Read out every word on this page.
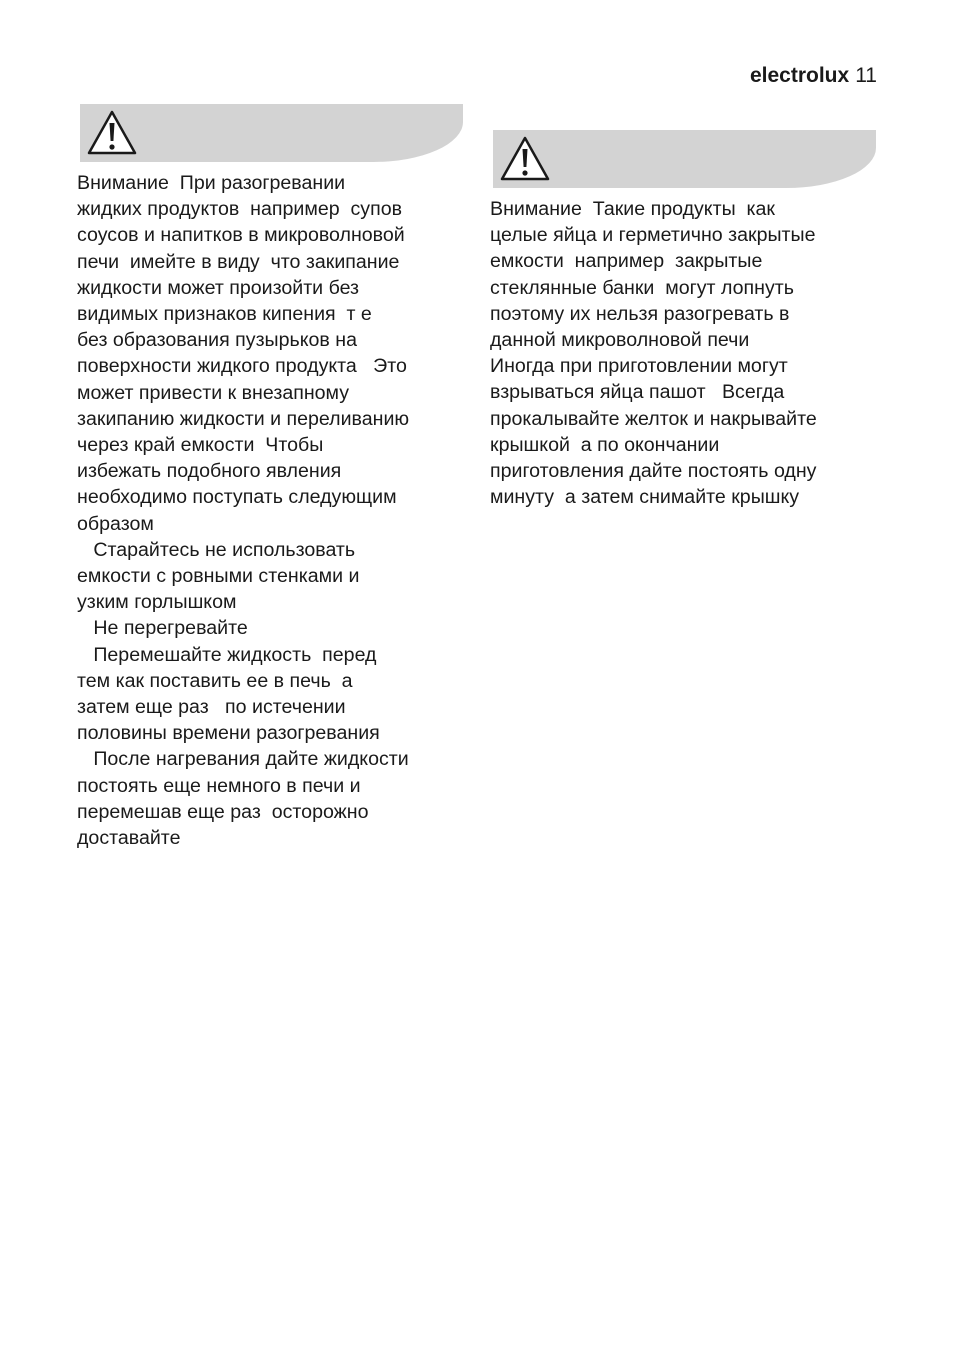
electrolux 11
Внимание  При разогревании
жидких продуктов  например  супов
соусов и напитков в микроволновой
печи  имейте в виду  что закипание
жидкости может произойти без
видимых признаков кипения  т е
без образования пузырьков на
поверхности жидкого продукта   Это
может привести к внезапному
закипанию жидкости и переливанию
через край емкости  Чтобы
избежать подобного явления
необходимо поступать следующим
образом
Старайтесь не использовать
емкости с ровными стенками и
узким горлышком
Не перегревайте
Перемешайте жидкость  перед
тем как поставить ее в печь  а
затем еще раз   по истечении
половины времени разогревания
После нагревания дайте жидкости
постоять еще немного в печи и
перемешав еще раз  осторожно
доставайте
Внимание  Такие продукты  как
целые яйца и герметично закрытые
емкости  например  закрытые
стеклянные банки  могут лопнуть
поэтому их нельзя разогревать в
данной микроволновой печи
Иногда при приготовлении могут
взрываться яйца пашот   Всегда
прокалывайте желток и накрывайте
крышкой  а по окончании
приготовления дайте постоять одну
минуту  а затем снимайте крышку
